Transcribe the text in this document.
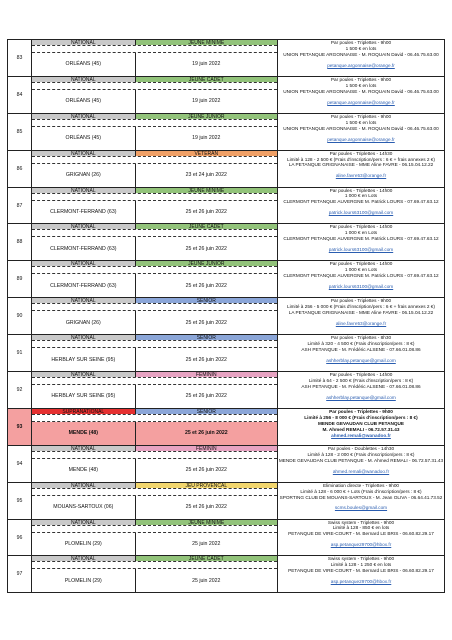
83
NATIONAL	JEUNE MINIME
ORLÉANS (45)	19 juin 2022
Par poules - Triplettes - 9h00
1 500 € en lots
UNION PETANQUE ARGONNAISE - M. ROQUAIN David - 06.46.75.63.00
petanque.argonnaise@orange.fr
84
NATIONAL	JEUNE CADET
ORLÉANS (45)	19 juin 2022
Par poules - Triplettes - 9h00
1 500 € en lots
UNION PETANQUE ARGONNAISE - M. ROQUAIN David - 06.46.75.63.00
petanque.argonnaise@orange.fr
85
NATIONAL	JEUNE JUNIOR
ORLÉANS (45)	19 juin 2022
Par poules - Triplettes - 9h00
1 500 € en lots
UNION PETANQUE ARGONNAISE - M. ROQUAIN David - 06.46.75.63.00
petanque.argonnaise@orange.fr
86
NATIONAL	VÉTÉRAN
GRIGNAN (26)	23 et 24 juin 2022
Par poules - Triplettes - 14h30
Limité à 128 - 2 500 € (Frais d'inscription/pers : 6 € + frais annexes 2 €)
LA PETANQUE GRIGNANAISE - MME Aline FAVRE - 06.15.04.12.22
aline.favre53@orange.fr
87
NATIONAL	JEUNE MINIME
CLERMONT-FERRAND (63)	25 et 26 juin 2022
Par poules - Triplettes - 14h00
1 000 € en Lots
CLERMONT PETANQUE AUVERGNE M. Patrick LOURS - 07.69.47.63.12
patrick.lours63100@gmail.com
88
NATIONAL	JEUNE CADET
CLERMONT-FERRAND (63)	25 et 26 juin 2022
Par poules - Triplettes - 14h00
1 000 € en Lots
CLERMONT PETANQUE AUVERGNE M. Patrick LOURS - 07.69.47.63.12
patrick.lours63100@gmail.com
89
NATIONAL	JEUNE JUNIOR
CLERMONT-FERRAND (63)	25 et 26 juin 2022
Par poules - Triplettes - 14h00
1 000 € en Lots
CLERMONT PETANQUE AUVERGNE M. Patrick LOURS - 07.69.47.63.12
patrick.lours63100@gmail.com
90
NATIONAL	SÉNIOR
GRIGNAN (26)	25 et 26 juin 2022
Par poules - Triplettes - 9h00
Limité à 256 - 5 000 € (Frais d'inscription/pers : 6 € + frais annexes 2 €)
LA PETANQUE GRIGNANAISE - MME Aline FAVRE - 06.15.04.12.22
aline.favre53@orange.fr
91
NATIONAL	SÉNIOR
HERBLAY SUR SEINE (95)	25 et 26 juin 2022
Par poules - Triplettes - 8h30
Limité à 320 - 4 500 € (Frais d'inscription/pers : 8 €)
ASH PETANQUE - M. Frédéric ALSENE - 07.66.01.08.86
ashherblay.petanque@gmail.com
92
NATIONAL	FÉMININ
HERBLAY SUR SEINE (95)	25 et 26 juin 2022
Par poules - Triplettes - 14h00
Limité à 64 - 2 500 € (Frais d'inscription/pers : 8 €)
ASH PETANQUE - M. Frédéric ALSENE - 07.66.01.08.86
ashherblay.petanque@gmail.com
93
SUPRANATIONAL	SÉNIOR
MENDE (48)	25 et 26 juin 2022
Par poules - Triplettes - 9h00
Limité à 256 - 8 000 € (Frais d'inscription/pers : 8 €)
MENDE GEVAUDAN CLUB PETANQUE
M. Ahmed REMALI - 06.72.57.31.43
ahmed.remali@wanadoo.fr
94
NATIONAL	FÉMININ
MENDE (48)	25 et 26 juin 2022
Par poules - Doublettes - 14h30
Limité à 128 - 2 000 € (Frais d'inscription/pers : 8 €)
MENDE GEVAUDAN CLUB PETANQUE - M. Ahmed REMALI - 06.72.57.31.43
ahmed.remali@wanadoo.fr
95
NATIONAL	JEU PROVENCAL
MOUANS-SARTOUX (06)	25 et 26 juin 2022
Elimination directe - Triplettes - 9h00
Limité à 128 - 6 000 € + Lots (Frais d'inscription/pers : 8 €)
SPORTING CLUB DE MOUANS-SARTOUX - M. Jean OLIVA - 06.64.41.73.52
scms.boules@gmail.com
96
NATIONAL	JEUNE MINIME
PLOMELIN (29)	25 juin 2022
Swiss system - Triplettes - 9h00
Limité à 128 - 850 € en lots
PETANQUE DE VIRE-COURT - M. Bernard LE BRIS - 06.60.82.29.17
asp.petanque29700@hbox.fr
97
NATIONAL	JEUNE CADET
PLOMELIN (29)	25 juin 2022
Swiss system - Triplettes - 9h00
Limité à 128 - 1 250 € en lots
PETANQUE DE VIRE-COURT - M. Bernard LE BRIS - 06.60.82.29.17
asp.petanque29700@hbox.fr
